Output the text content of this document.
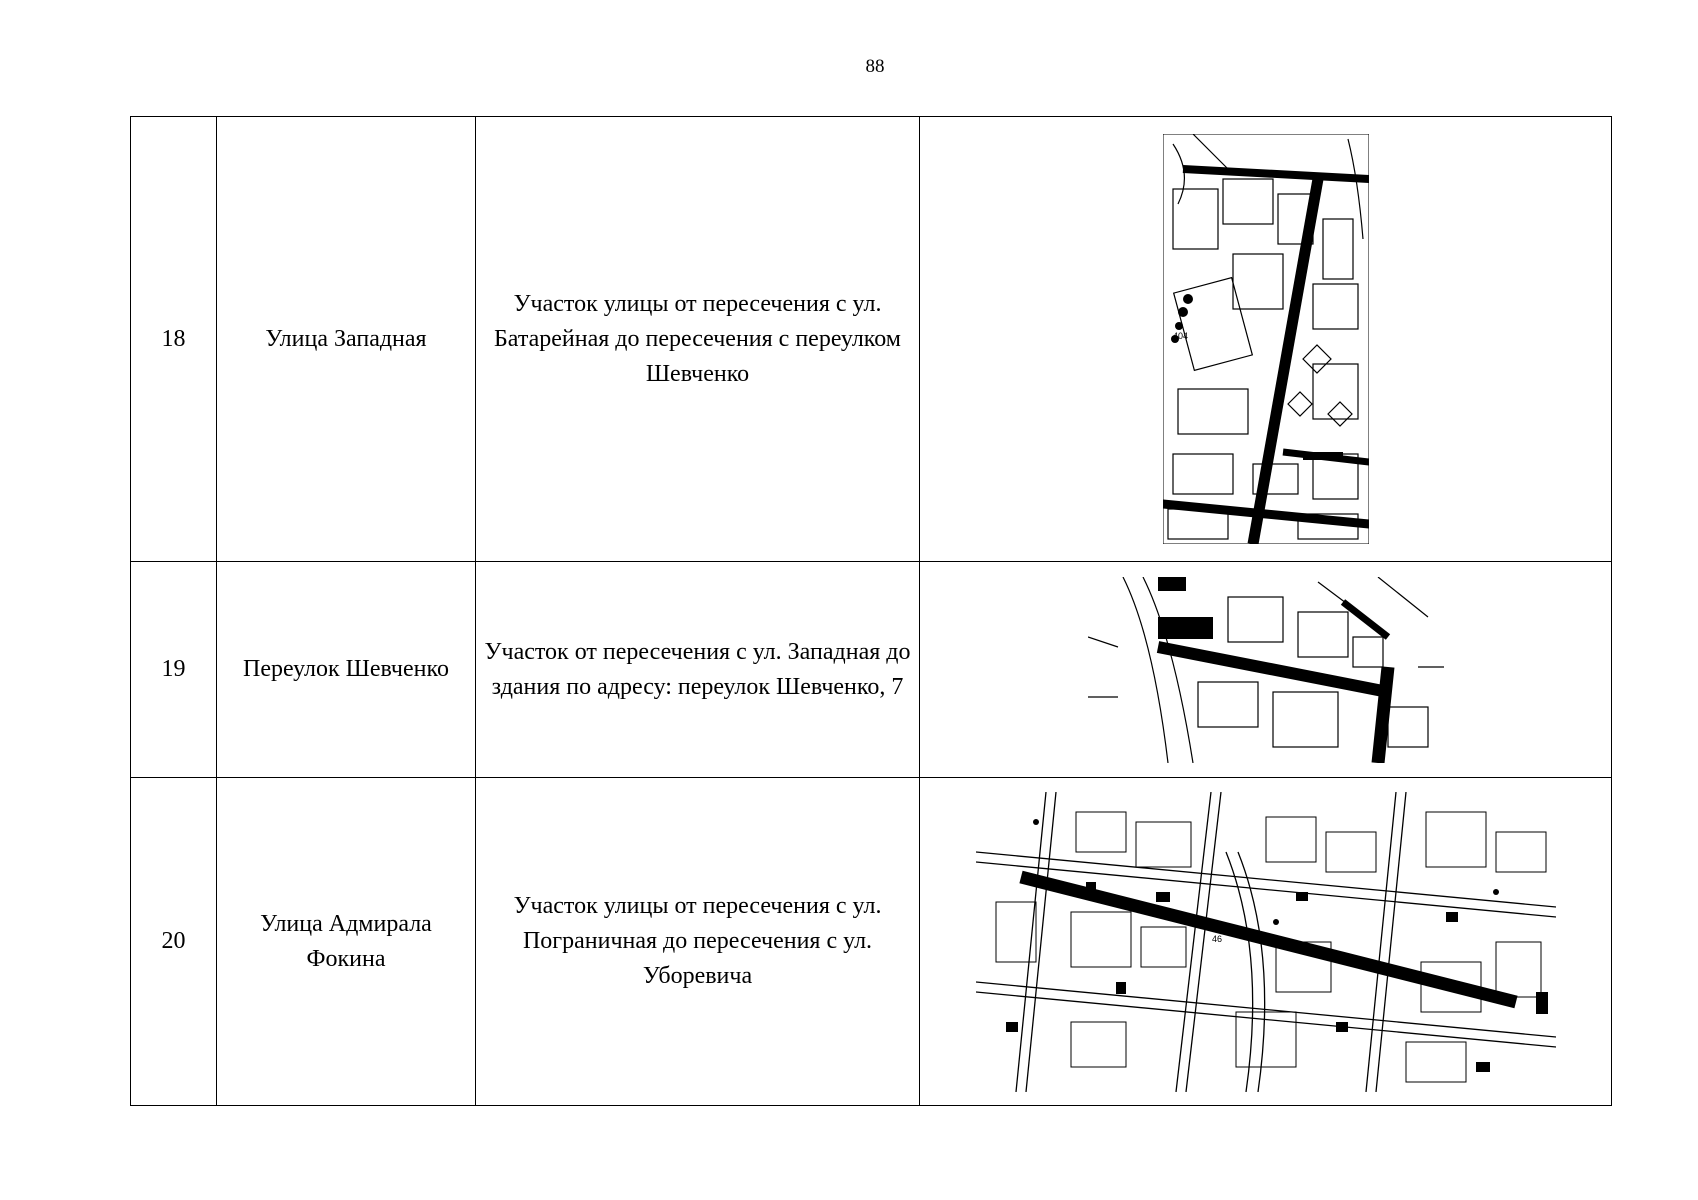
88
18	Улица Западная	Участок улицы от пересечения с ул. Батарейная до пересечения с переулком Шевченко	404

19	Переулок Шевченко	Участок от пересечения с ул. Западная до здания по адресу: переулок Шевченко, 7	

20	Улица Адмирала Фокина	Участок улицы от пересечения с ул. Пограничная до пересечения с ул. Уборевича	46
